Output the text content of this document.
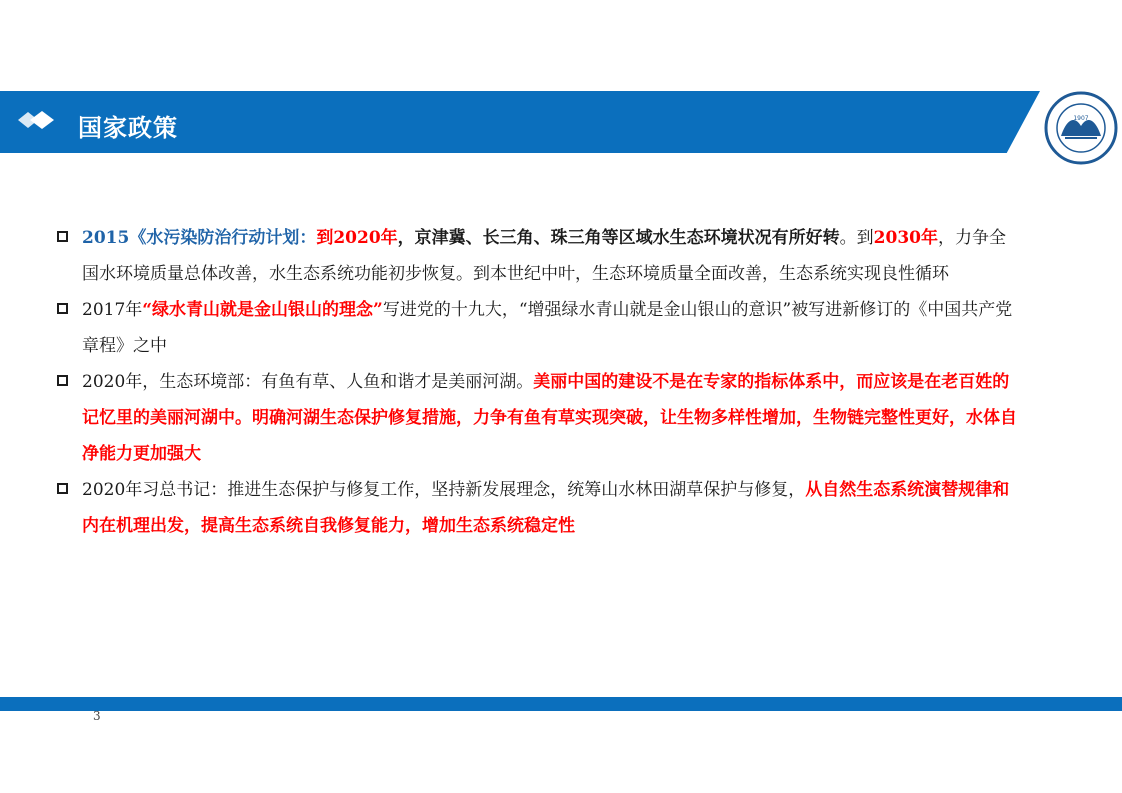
国家政策	1907
2015《水污染防治行动计划：到2020年，京津冀、长三角、珠三角等区域水生态环境状况有所好转。到2030年，力争全国水环境质量总体改善，水生态系统功能初步恢复。到本世纪中叶，生态环境质量全面改善，生态系统实现良性循环
2017年“绿水青山就是金山银山的理念”写进党的十九大，“增强绿水青山就是金山银山的意识”被写进新修订的《中国共产党章程》之中
2020年，生态环境部：有鱼有草、人鱼和谐才是美丽河湖。美丽中国的建设不是在专家的指标体系中，而应该是在老百姓的记忆里的美丽河湖中。明确河湖生态保护修复措施，力争有鱼有草实现突破，让生物多样性增加，生物链完整性更好，水体自净能力更加强大
2020年习总书记：推进生态保护与修复工作，坚持新发展理念，统筹山水林田湖草保护与修复，从自然生态系统演替规律和内在机理出发，提高生态系统自我修复能力，增加生态系统稳定性
3
